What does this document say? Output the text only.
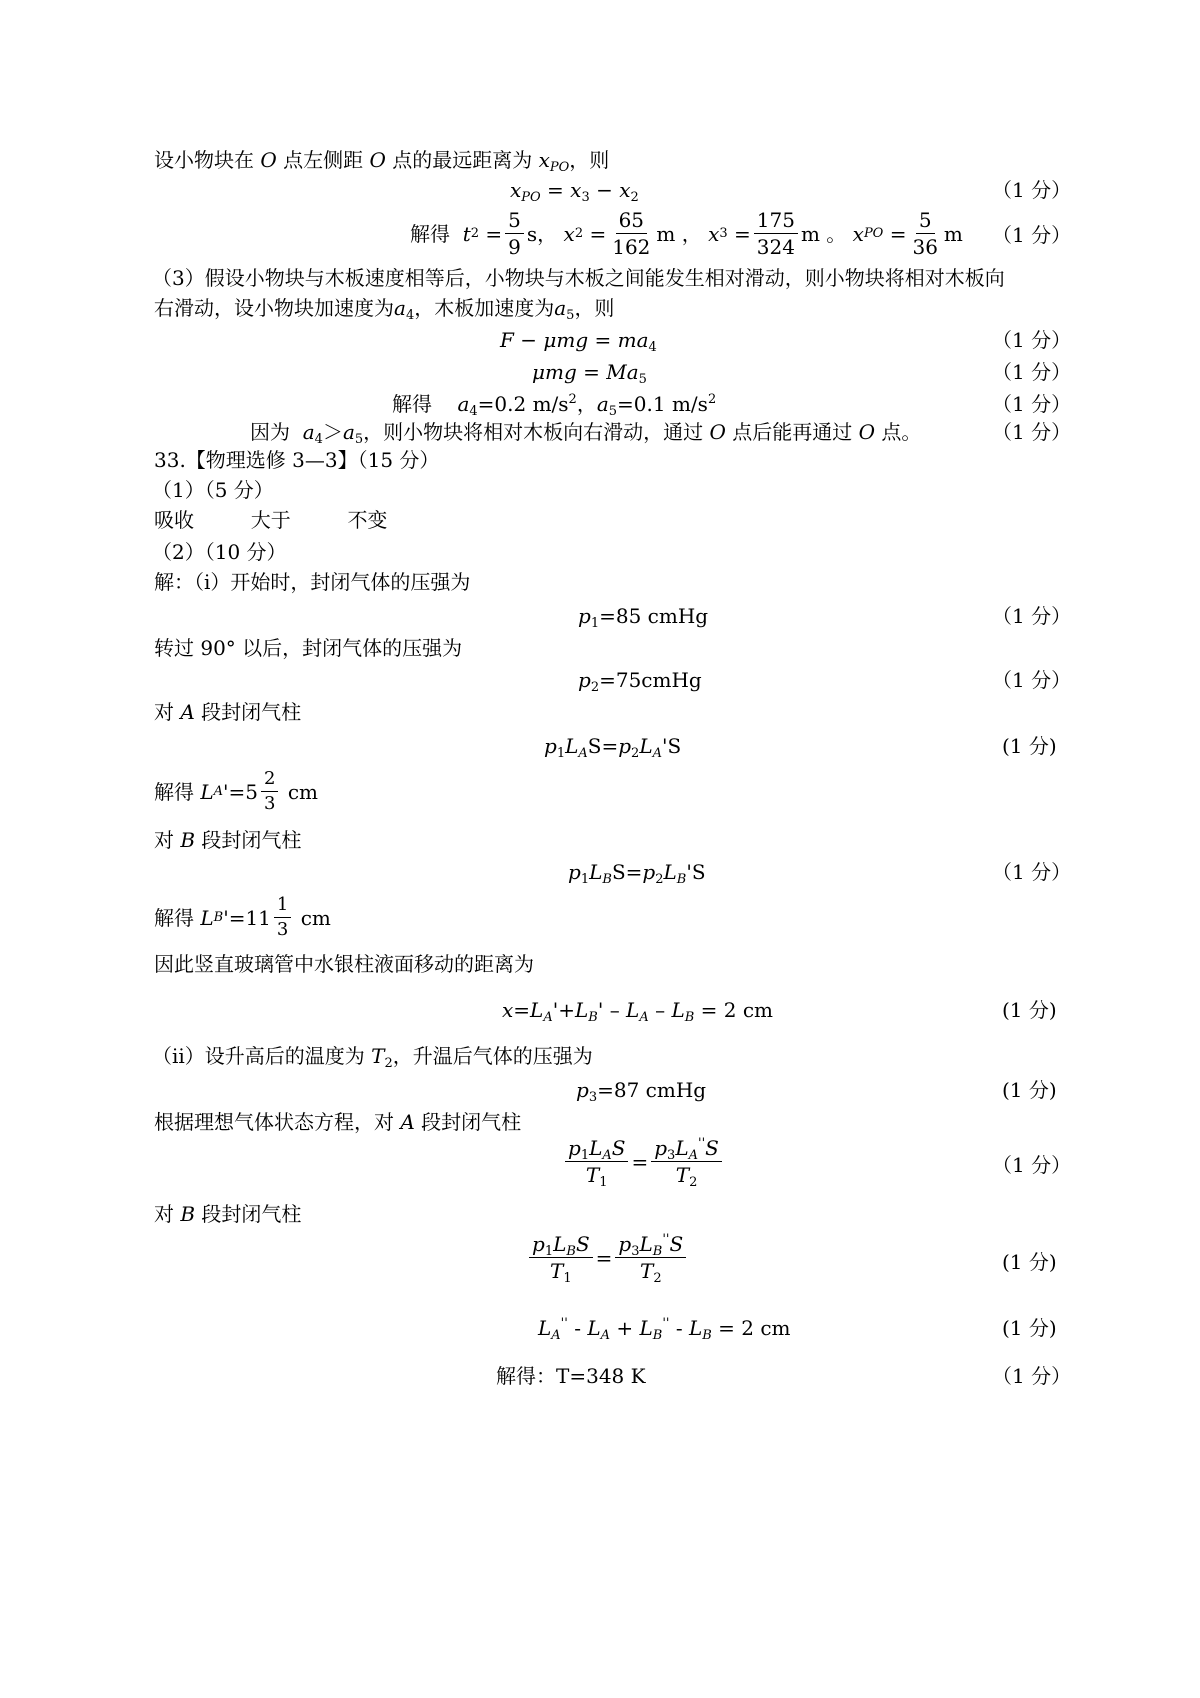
设小物块在 O 点左侧距 O 点的最远距离为 $x_{PO}$，则
$x_{PO} = x_3 - x_2$	（1 分）
解得
t 2
= $\frac{5}{9}$ s ，
x 2
= $\frac{65}{162}$ m
，
x 3
= $\frac{175}{324}$ m
。
x PO
= $\frac{5}{36}$ m （1 分）
（3）假设小物块与木板速度相等后，小物块与木板之间能发生相对滑动，则小物块将相对木板向
右滑动，设小物块加速度为$a_4$，木板加速度为$a_5$，则
$F - \mu mg = ma_4$	（1 分）
$\mu mg = Ma_5$	（1 分）
解得 $a_4=0.2$ $m/s^2$，$a_5=0.1$ $m/s^2$	（1 分）
因为 $a_4>a_5$，则小物块将相对木板向右滑动，通过 O 点后能再通过 O 点。	（1 分）
33.【物理选修 3—3】（15 分）
（1）（5 分）
吸收	大于	不变
（2）（10 分）
解：（i）开始时，封闭气体的压强为
$p_1=85$ cmHg	（1 分）
转过 90° 以后，封闭气体的压强为
$p_2=75cmHg$	（1 分）
对 A 段封闭气柱
$p_1L_AS=p_2L_A'S$	(1 分)
解得
L A ' $=5 \frac{2}{3}$
cm
对 B 段封闭气柱
$p_1L_BS=p_2L_B'S$	（1 分）
解得
L B ' $=11 \frac{1}{3}$
cm
因此竖直玻璃管中水银柱液面移动的距离为
$x=L_A'+L_B' - L_A - L_B = 2$ cm	(1 分)
（ii）设升高后的温度为 $T_2$，升温后气体的压强为
$p_3=87$ cmHg	(1 分)
根据理想气体状态方程，对 A 段封闭气柱
$\frac{p_1L_AS}{T_1} = \frac{p_3L_A''S}{T_2}$	（1 分）
对 B 段封闭气柱
$\frac{p_1L_BS}{T_1} = \frac{p_3L_B''S}{T_2}$	(1 分)
$L_A'' - L_A + L_B'' - L_B = 2$ cm	(1 分)
解得：T=348 K	（1 分）
